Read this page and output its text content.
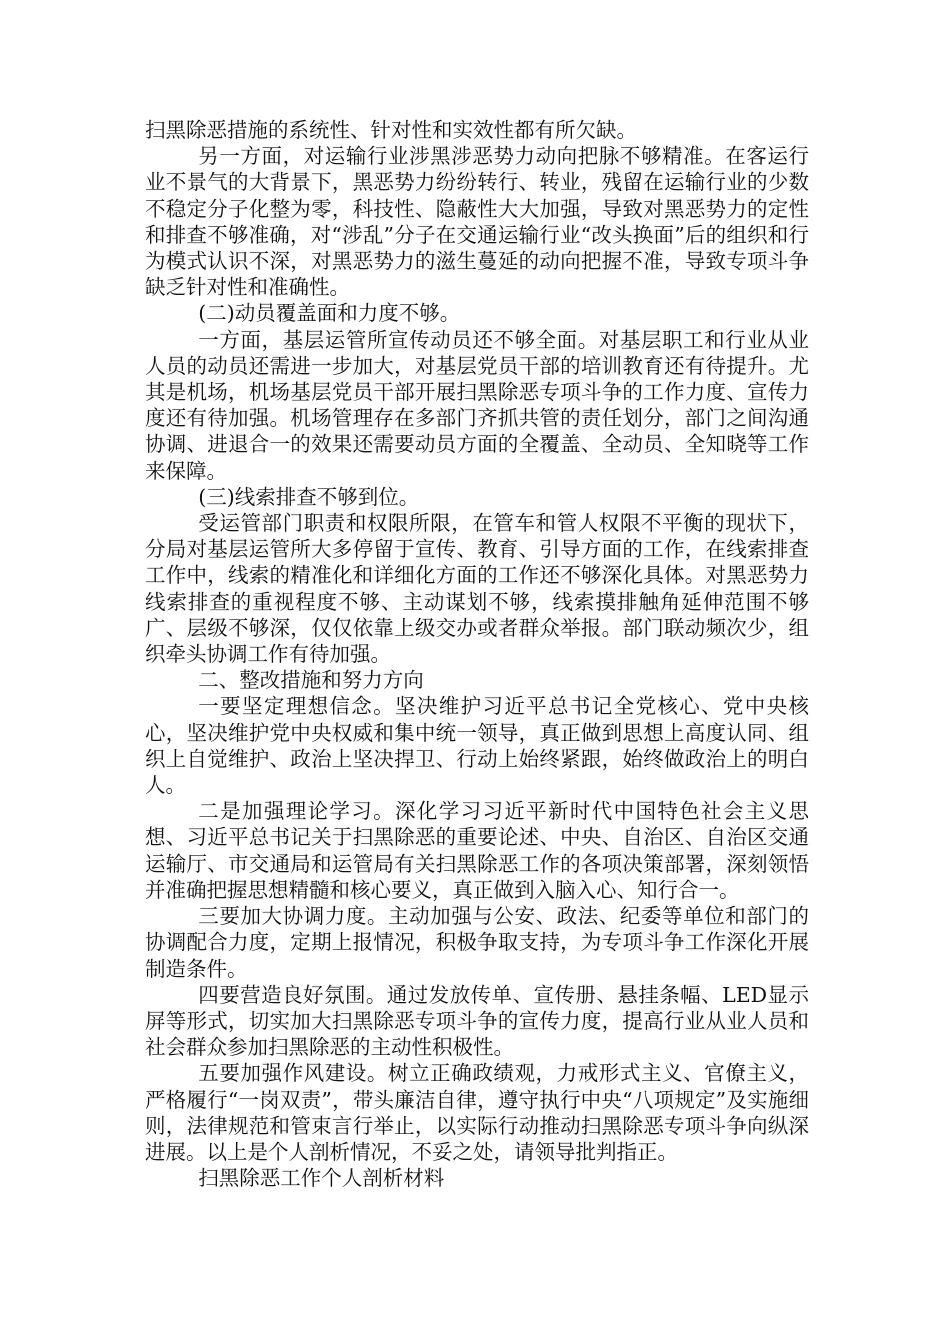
扫黑除恶措施的系统性、针对性和实效性都有所欠缺。

另一方面，对运输行业涉黑涉恶势力动向把脉不够精准。在客运行业不景气的大背景下，黑恶势力纷纷转行、转业，残留在运输行业的少数不稳定分子化整为零，科技性、隐蔽性大大加强，导致对黑恶势力的定性和排查不够准确，对“涉乱”分子在交通运输行业“改头换面”后的组织和行为模式认识不深，对黑恶势力的滋生蔓延的动向把握不准，导致专项斗争缺乏针对性和准确性。

(二)动员覆盖面和力度不够。

一方面，基层运管所宣传动员还不够全面。对基层职工和行业从业人员的动员还需进一步加大，对基层党员干部的培训教育还有待提升。尤其是机场，机场基层党员干部开展扫黑除恶专项斗争的工作力度、宣传力度还有待加强。机场管理存在多部门齐抓共管的责任划分，部门之间沟通协调、进退合一的效果还需要动员方面的全覆盖、全动员、全知晓等工作来保障。

(三)线索排查不够到位。

受运管部门职责和权限所限，在管车和管人权限不平衡的现状下，分局对基层运管所大多停留于宣传、教育、引导方面的工作，在线索排查工作中，线索的精准化和详细化方面的工作还不够深化具体。对黑恶势力线索排查的重视程度不够、主动谋划不够，线索摸排触角延伸范围不够广、层级不够深，仅仅依靠上级交办或者群众举报。部门联动频次少，组织牵头协调工作有待加强。

二、整改措施和努力方向

一要坚定理想信念。坚决维护习近平总书记全党核心、党中央核心，坚决维护党中央权威和集中统一领导，真正做到思想上高度认同、组织上自觉维护、政治上坚决捍卫、行动上始终紧跟，始终做政治上的明白人。

二是加强理论学习。深化学习习近平新时代中国特色社会主义思想、习近平总书记关于扫黑除恶的重要论述、中央、自治区、自治区交通运输厅、市交通局和运管局有关扫黑除恶工作的各项决策部署，深刻领悟并准确把握思想精髓和核心要义，真正做到入脑入心、知行合一。

三要加大协调力度。主动加强与公安、政法、纪委等单位和部门的协调配合力度，定期上报情况，积极争取支持，为专项斗争工作深化开展制造条件。

四要营造良好氛围。通过发放传单、宣传册、悬挂条幅、LED显示屏等形式，切实加大扫黑除恶专项斗争的宣传力度，提高行业从业人员和社会群众参加扫黑除恶的主动性积极性。

五要加强作风建设。树立正确政绩观，力戒形式主义、官僚主义，严格履行“一岗双责”，带头廉洁自律，遵守执行中央“八项规定”及实施细则，法律规范和管束言行举止，以实际行动推动扫黑除恶专项斗争向纵深进展。以上是个人剖析情况，不妥之处，请领导批判指正。

扫黑除恶工作个人剖析材料
